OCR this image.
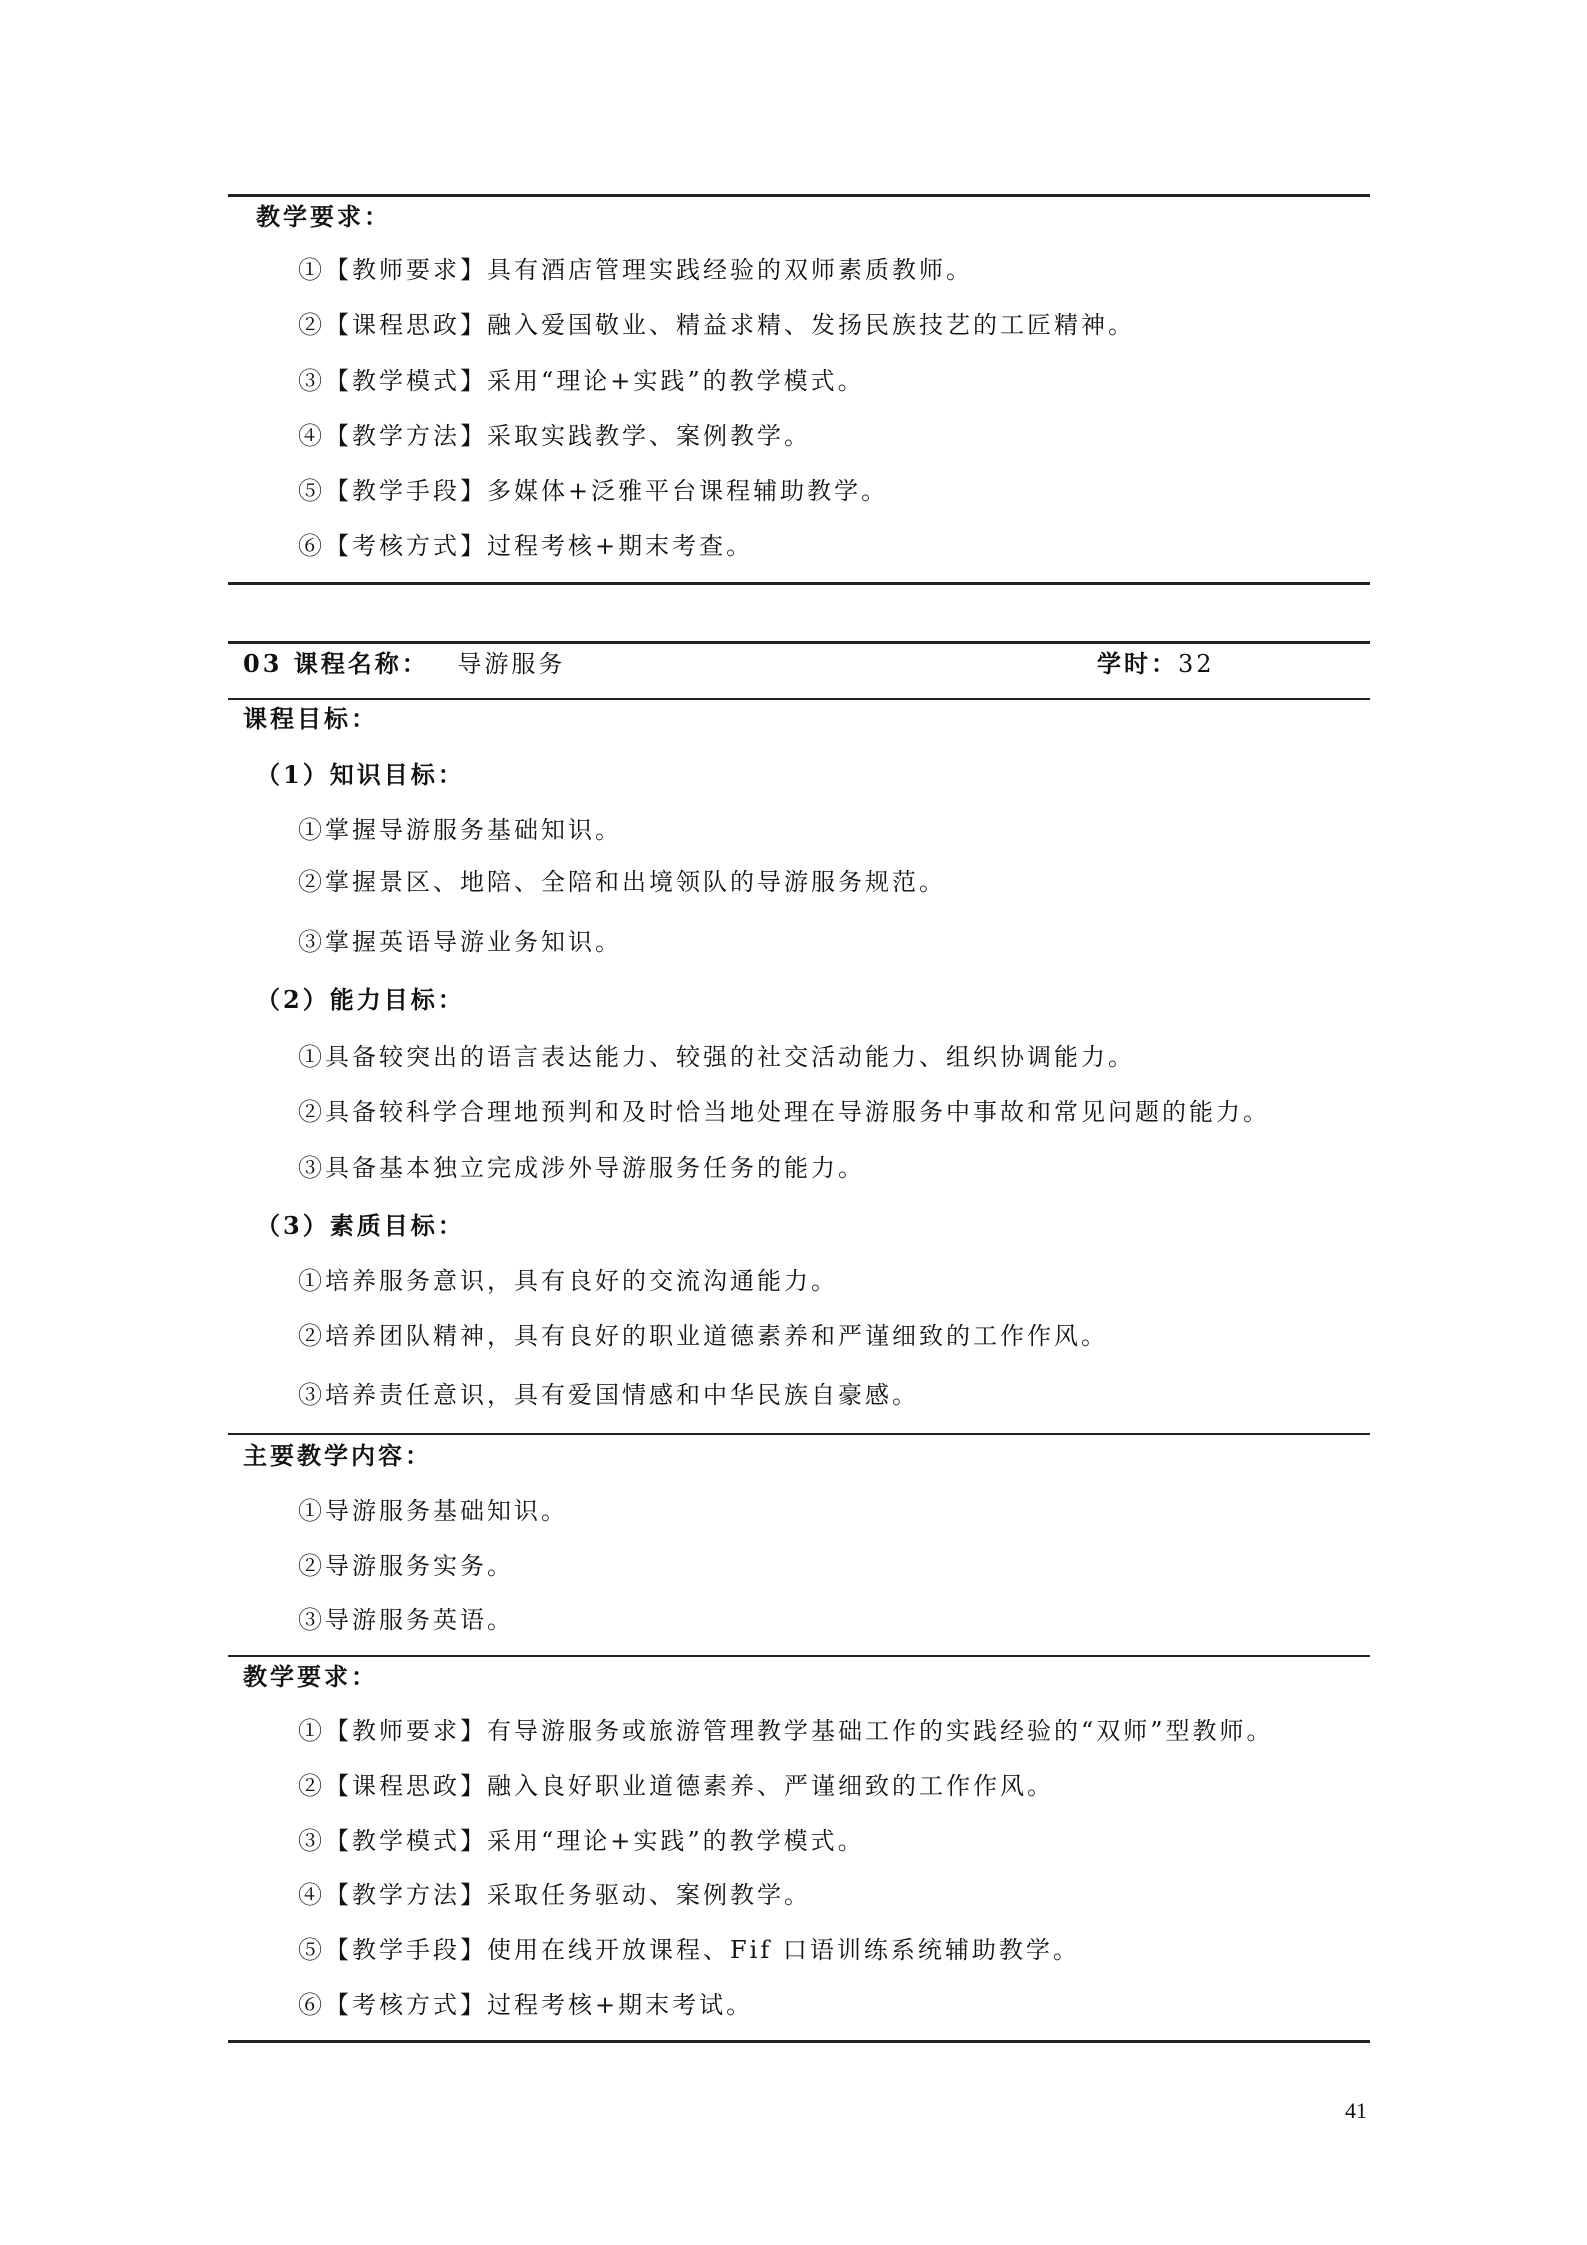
教学要求：
①【教师要求】具有酒店管理实践经验的双师素质教师。
②【课程思政】融入爱国敬业、精益求精、发扬民族技艺的工匠精神。
③【教学模式】采用“理论+实践”的教学模式。
④【教学方法】采取实践教学、案例教学。
⑤【教学手段】多媒体+泛雅平台课程辅助教学。
⑥【考核方式】过程考核+期末考查。
03 课程名称： 导游服务	学时：32
课程目标：
（1）知识目标：
①掌握导游服务基础知识。
②掌握景区、地陪、全陪和出境领队的导游服务规范。
③掌握英语导游业务知识。
（2）能力目标：
①具备较突出的语言表达能力、较强的社交活动能力、组织协调能力。
②具备较科学合理地预判和及时恰当地处理在导游服务中事故和常见问题的能力。
③具备基本独立完成涉外导游服务任务的能力。
（3）素质目标：
①培养服务意识，具有良好的交流沟通能力。
②培养团队精神，具有良好的职业道德素养和严谨细致的工作作风。
③培养责任意识，具有爱国情感和中华民族自豪感。
主要教学内容：
①导游服务基础知识。
②导游服务实务。
③导游服务英语。
教学要求：
①【教师要求】有导游服务或旅游管理教学基础工作的实践经验的“双师”型教师。
②【课程思政】融入良好职业道德素养、严谨细致的工作作风。
③【教学模式】采用“理论+实践”的教学模式。
④【教学方法】采取任务驱动、案例教学。
⑤【教学手段】使用在线开放课程、Fif 口语训练系统辅助教学。
⑥【考核方式】过程考核+期末考试。
41
